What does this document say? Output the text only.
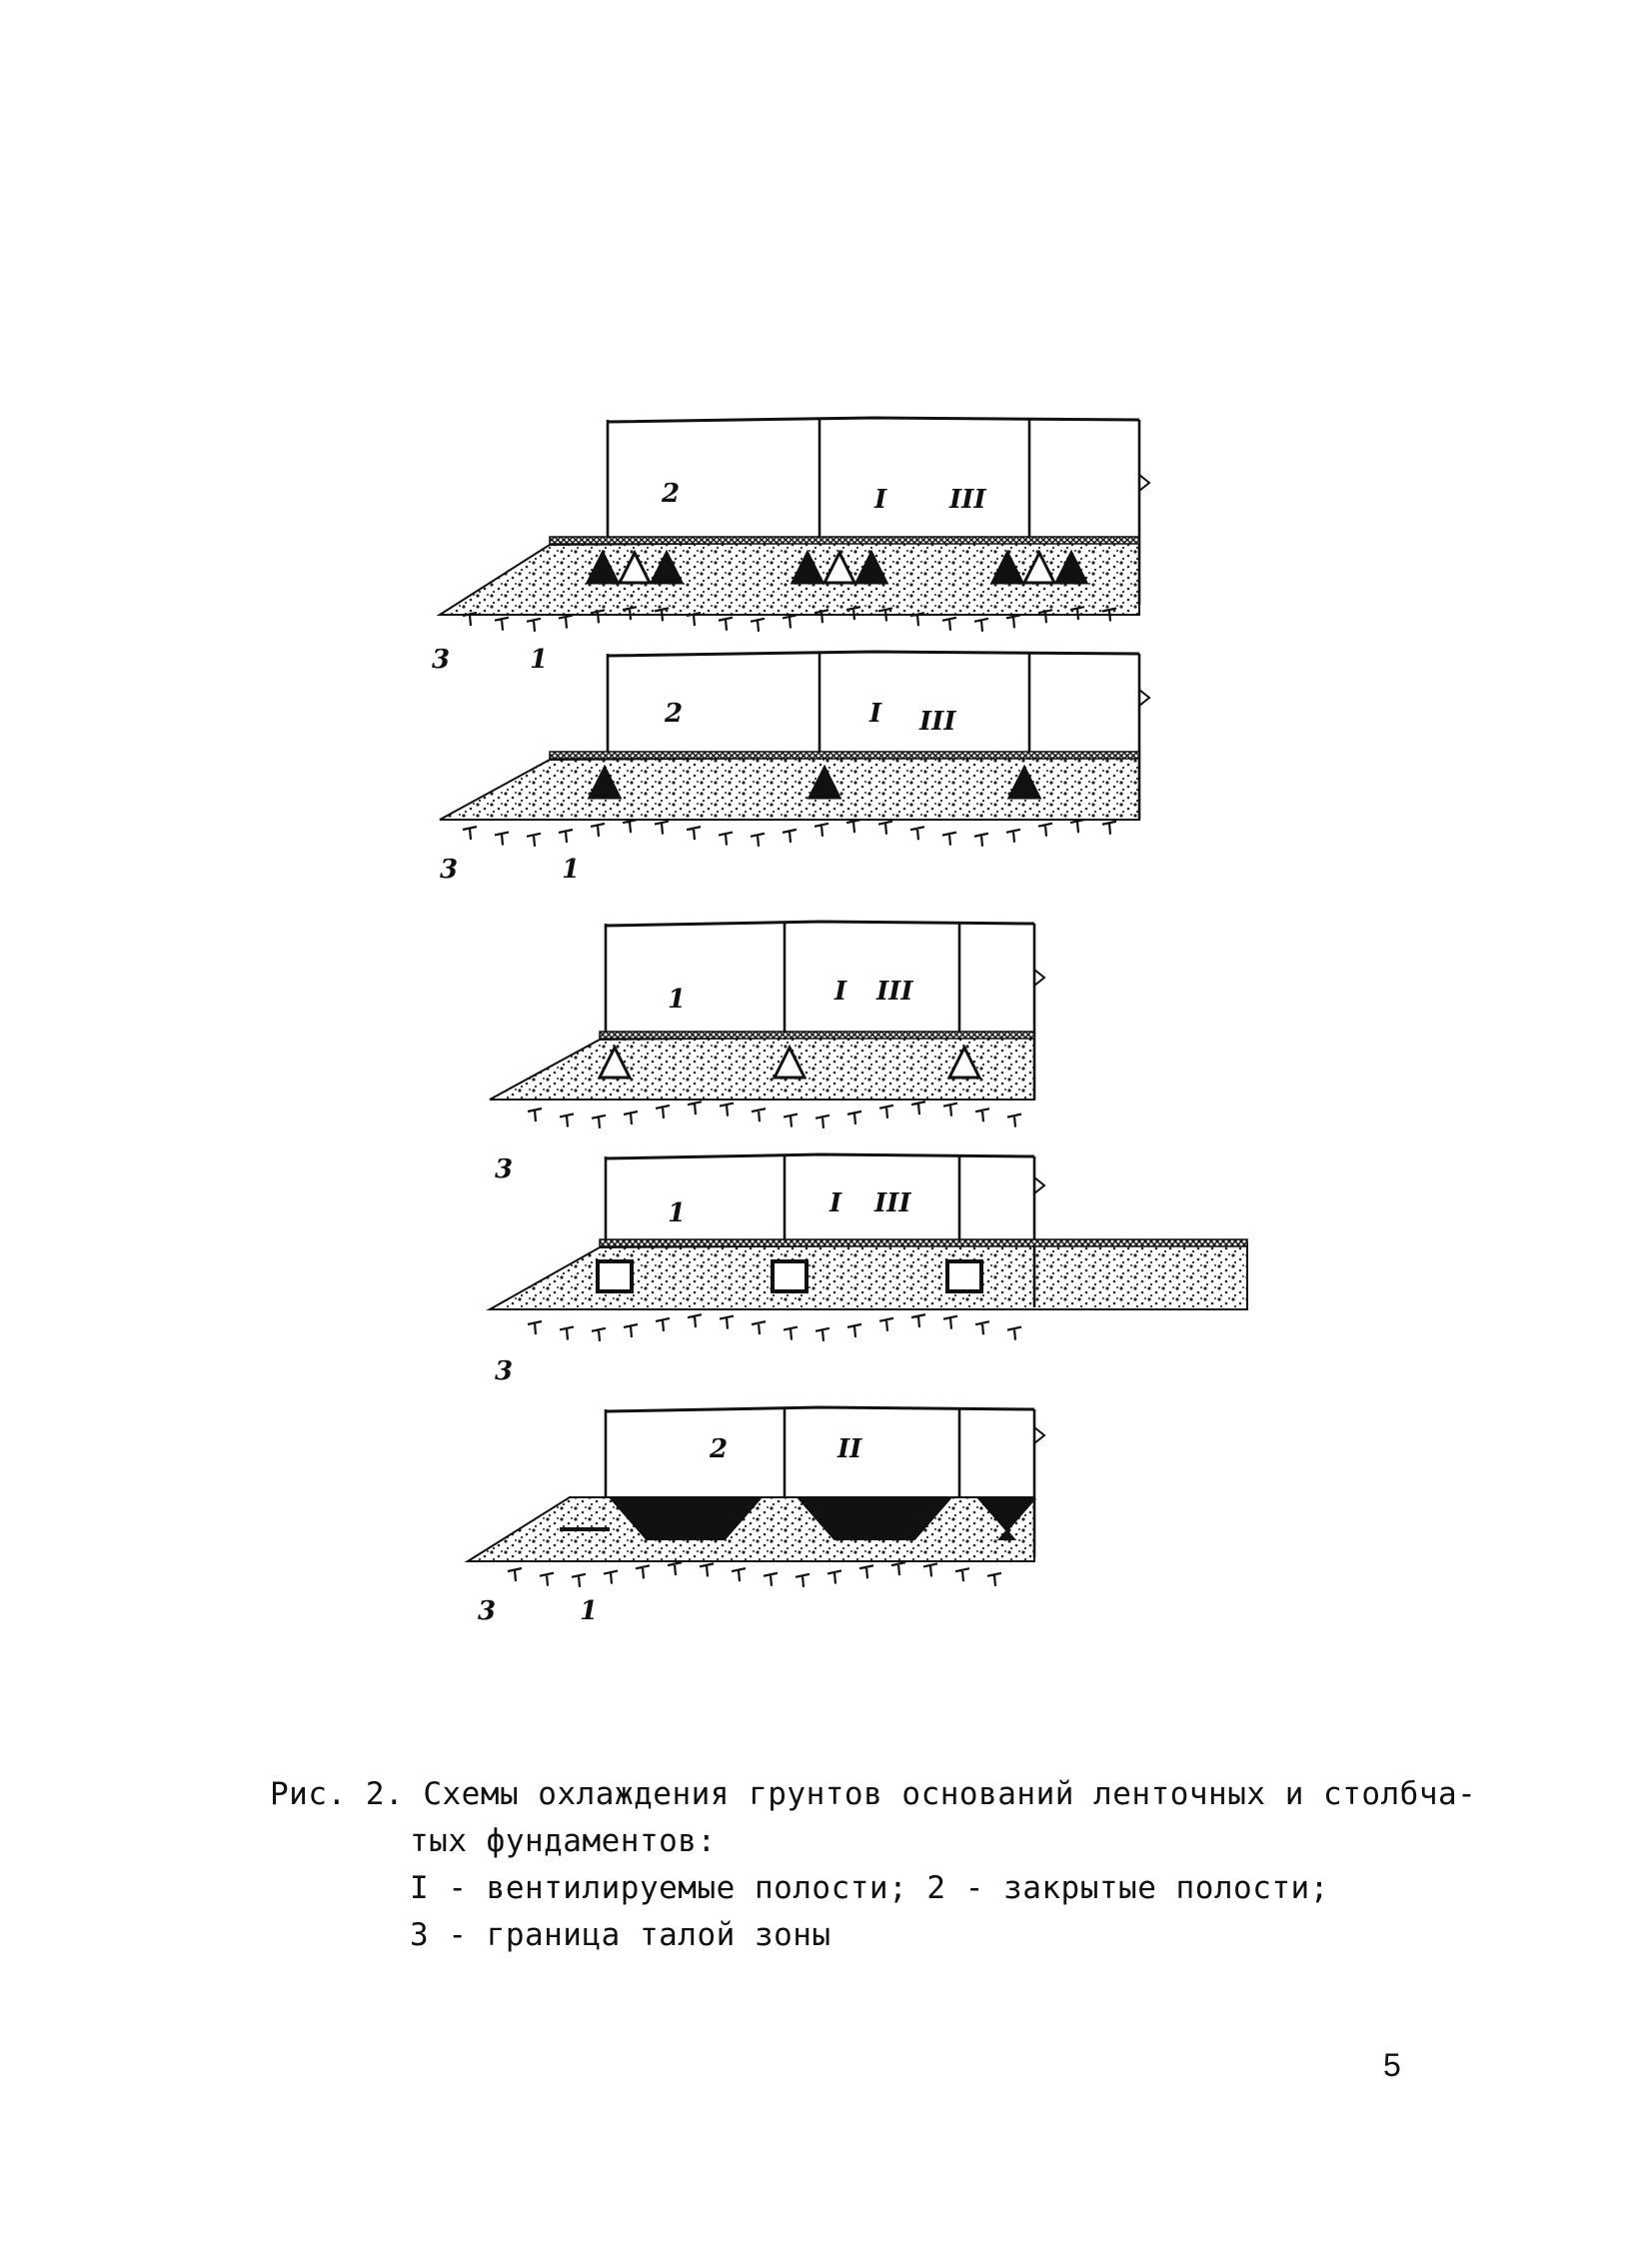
2	I III
1
3
2	I III
1
3
1	I III
3
1	I III
3
2	II
1
3
Рис. 2. Схемы охлаждения грунтов оснований ленточных и столбча-
тых фундаментов:
I - вентилируемые полости; 2 - закрытые полости;
3 - граница талой зоны
5
